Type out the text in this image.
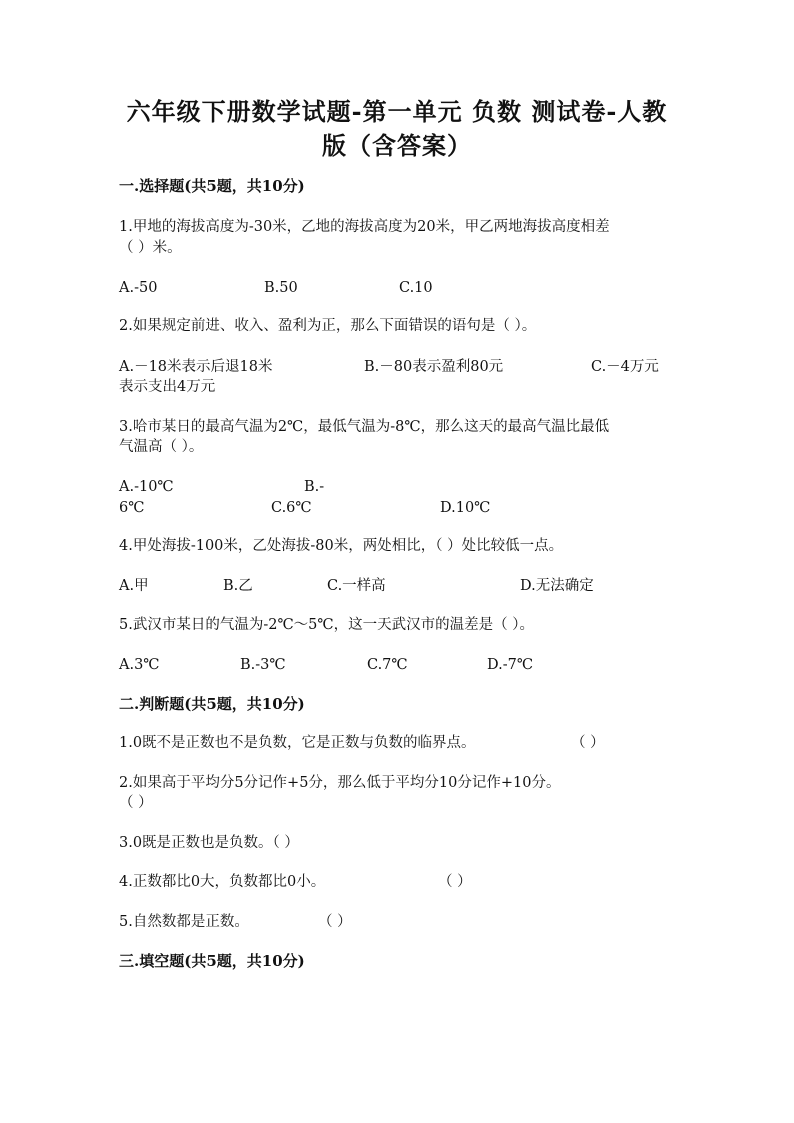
六年级下册数学试题-第一单元 负数 测试卷-人教
版（含答案）
一.选择题(共5题，共10分)
1.甲地的海拔高度为-30米，乙地的海拔高度为20米，甲乙两地海拔高度相差
（ ）米。
A.-50	B.50	C.10
2.如果规定前进、收入、盈利为正，那么下面错误的语句是（ ）。
A.－18米表示后退18米	B.－80表示盈利80元	C.－4万元
表示支出4万元
3.哈市某日的最高气温为2℃，最低气温为-8℃，那么这天的最高气温比最低
气温高（ ）。
A.-10℃	B.-
6℃	C.6℃	D.10℃
4.甲处海拔-100米，乙处海拔-80米，两处相比，（ ）处比较低一点。
A.甲	B.乙	C.一样高	D.无法确定
5.武汉市某日的气温为-2℃～5℃，这一天武汉市的温差是（ ）。
A.3℃	B.-3℃	C.7℃	D.-7℃
二.判断题(共5题，共10分)
1.0既不是正数也不是负数，它是正数与负数的临界点。	（ ）
2.如果高于平均分5分记作+5分，那么低于平均分10分记作+10分。
（ ）
3.0既是正数也是负数。（ ）
4.正数都比0大，负数都比0小。	（ ）
5.自然数都是正数。	（ ）
三.填空题(共5题，共10分)
